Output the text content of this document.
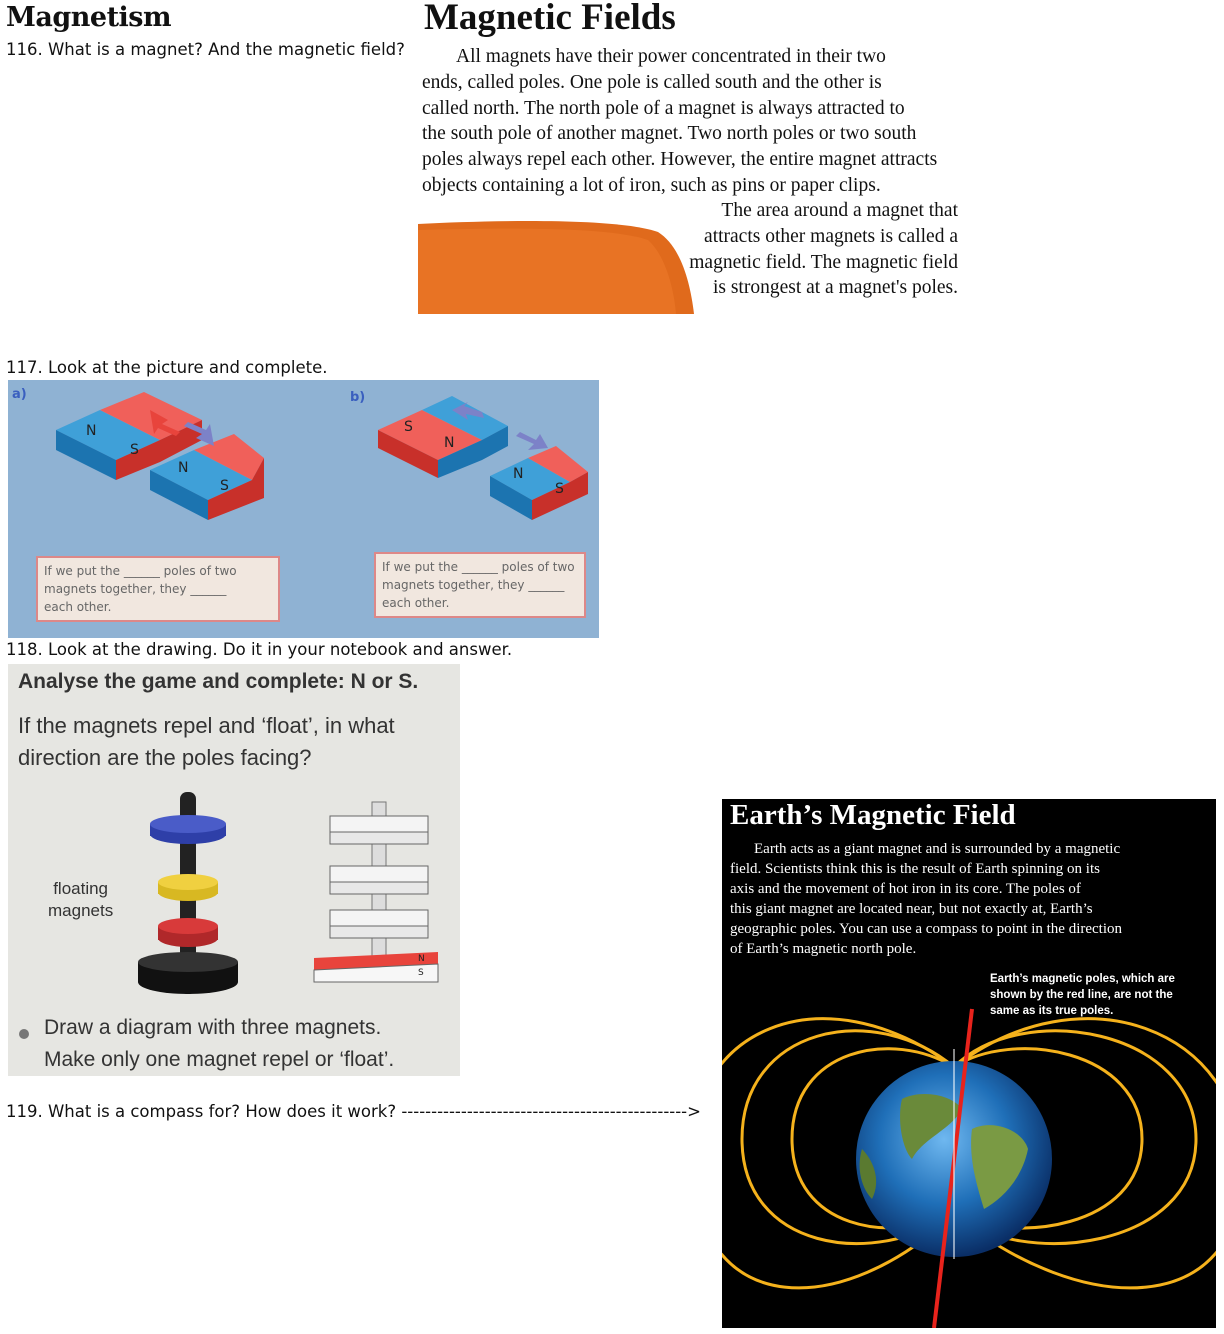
Magnetism
116. What is a magnet? And the magnetic field?
Magnetic Fields
All magnets have their power concentrated in their two
ends, called poles. One pole is called south and the other is
called north. The north pole of a magnet is always attracted to
the south pole of another magnet. Two north poles or two south
poles always repel each other. However, the entire magnet attracts
objects containing a lot of iron, such as pins or paper clips.
The area around a magnet that
attracts other magnets is called a
magnetic field. The magnetic field
is strongest at a magnet's poles.
117. Look at the picture and complete.
a)	b)
N
S
N
S
S
N
N
S
If we put the ______ poles of two
magnets together, they ______
each other.
If we put the ______ poles of two
magnets together, they ______
each other.
118. Look at the drawing. Do it in your notebook and answer.
Analyse the game and complete: N or S.
If the magnets repel and ‘float’, in what
direction are the poles facing?
floating
magnets
N
S
Draw a diagram with three magnets.
Make only one magnet repel or ‘float’.
119. What is a compass for? How does it work? ------------------------------------------------>
Earth’s Magnetic Field
Earth acts as a giant magnet and is surrounded by a magnetic
field. Scientists think this is the result of Earth spinning on its
axis and the movement of hot iron in its core. The poles of
this giant magnet are located near, but not exactly at, Earth’s
geographic poles. You can use a compass to point in the direction
of Earth’s magnetic north pole.
Earth’s magnetic poles, which are
shown by the red line, are not the
same as its true poles.
